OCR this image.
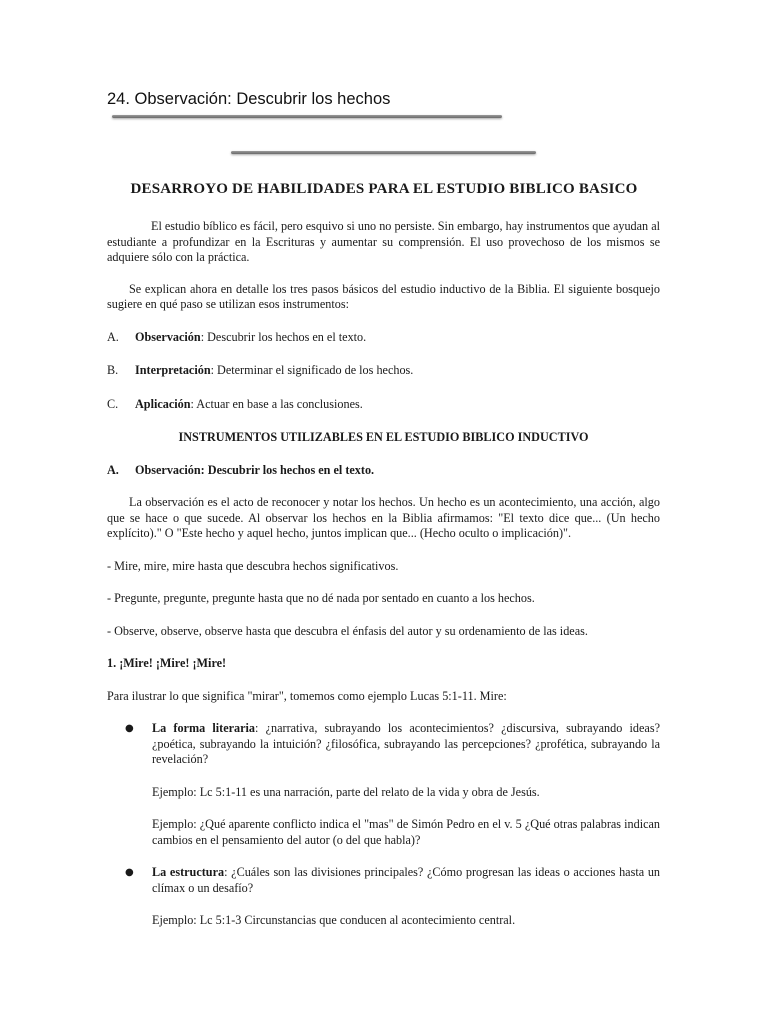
24. Observación: Descubrir los hechos
DESARROYO DE HABILIDADES PARA EL ESTUDIO BIBLICO BASICO

El estudio bíblico es fácil, pero esquivo si uno no persiste. Sin embargo, hay instrumentos que ayudan al estudiante a profundizar en la Escrituras y aumentar su comprensión. El uso provechoso de los mismos se adquiere sólo con la práctica.

Se explican ahora en detalle los tres pasos básicos del estudio inductivo de la Biblia. El siguiente bosquejo sugiere en qué paso se utilizan esos instrumentos:

A.	Observación: Descubrir los hechos en el texto.
B.	Interpretación: Determinar el significado de los hechos.
C.	Aplicación: Actuar en base a las conclusiones.

INSTRUMENTOS UTILIZABLES EN EL ESTUDIO BIBLICO INDUCTIVO

A.	Observación: Descubrir los hechos en el texto.

La observación es el acto de reconocer y notar los hechos. Un hecho es un acontecimiento, una acción, algo que se hace o que sucede. Al observar los hechos en la Biblia afirmamos: "El texto dice que... (Un hecho explícito)." O "Este hecho y aquel hecho, juntos implican que... (Hecho oculto o implicación)".

- Mire, mire, mire hasta que descubra hechos significativos.

- Pregunte, pregunte, pregunte hasta que no dé nada por sentado en cuanto a los hechos.

- Observe, observe, observe hasta que descubra el énfasis del autor y su ordenamiento de las ideas.

1. ¡Mire! ¡Mire! ¡Mire!

Para ilustrar lo que significa "mirar", tomemos como ejemplo Lucas 5:1-11. Mire:

●	La forma literaria: ¿narrativa, subrayando los acontecimientos? ¿discursiva, subrayando ideas? ¿poética, subrayando la intuición? ¿filosófica, subrayando las percepciones? ¿profética, subrayando la revelación?

Ejemplo: Lc 5:1-11 es una narración, parte del relato de la vida y obra de Jesús.

Ejemplo: ¿Qué aparente conflicto indica el "mas" de Simón Pedro en el v. 5 ¿Qué otras palabras indican cambios en el pensamiento del autor (o del que habla)?

●	La estructura: ¿Cuáles son las divisiones principales? ¿Cómo progresan las ideas o acciones hasta un clímax o un desafío?

Ejemplo: Lc 5:1-3 Circunstancias que conducen al acontecimiento central.
